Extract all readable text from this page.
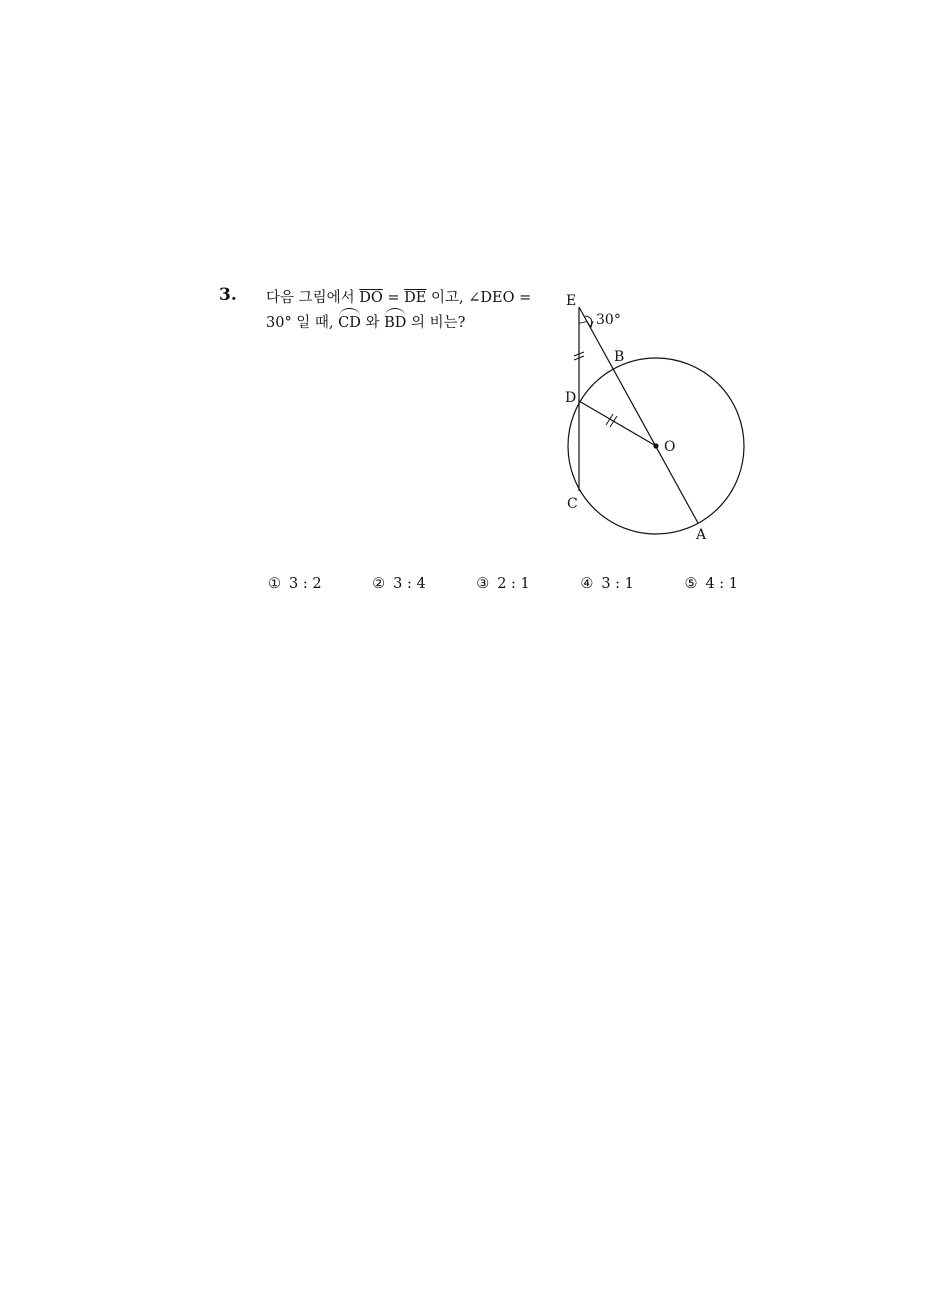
3. 다음 그림에서 $\overline{DO} = \overline{DE}$ 이고, ∠DEO =
30° 일 때, CD 와 BD 의 비는?
E
30°
B
D
O
C
A
① 3 : 2	② 3 : 4	③ 2 : 1	④ 3 : 1	⑤ 4 : 1
